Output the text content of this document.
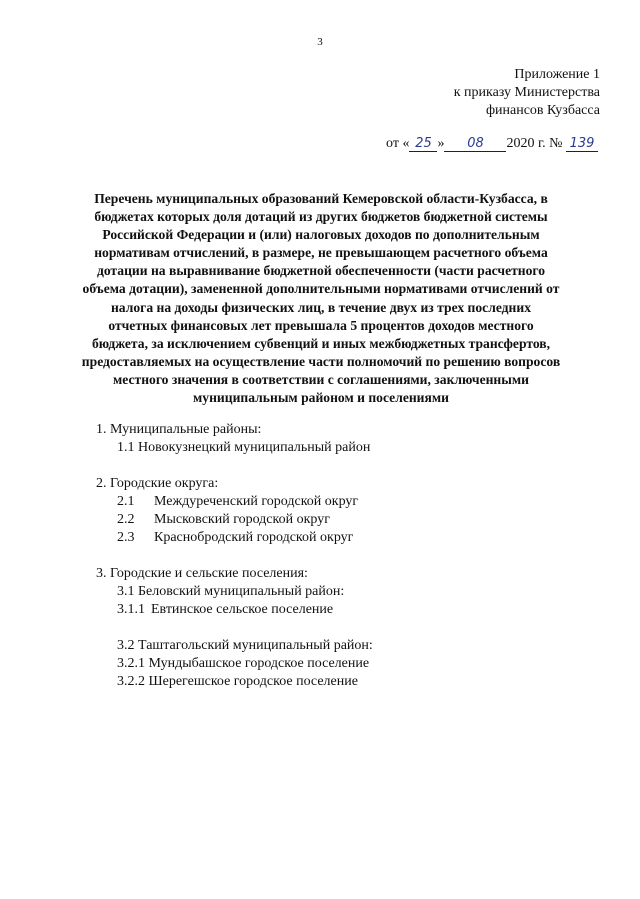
3
Приложение 1
к приказу Министерства
финансов Кузбасса
от « 25 » 08 2020 г. № 139
Перечень муниципальных образований Кемеровской области-Кузбасса, в бюджетах которых доля дотаций из других бюджетов бюджетной системы Российской Федерации и (или) налоговых доходов по дополнительным нормативам отчислений, в размере, не превышающем расчетного объема дотации на выравнивание бюджетной обеспеченности (части расчетного объема дотации), замененной дополнительными нормативами отчислений от налога на доходы физических лиц, в течение двух из трех последних отчетных финансовых лет превышала 5 процентов доходов местного бюджета, за исключением субвенций и иных межбюджетных трансфертов, предоставляемых на осуществление части полномочий по решению вопросов местного значения в соответствии с соглашениями, заключенными муниципальным районом и поселениями
1. Муниципальные районы:
1.1 Новокузнецкий муниципальный район
2. Городские округа:
2.1 Междуреченский городской округ
2.2 Мысковский городской округ
2.3 Краснобродский городской округ
3. Городские и сельские поселения:
3.1 Беловский муниципальный район:
3.1.1 Евтинское сельское поселение
3.2 Таштагольский муниципальный район:
3.2.1 Мундыбашское городское поселение
3.2.2 Шерегешское городское поселение
